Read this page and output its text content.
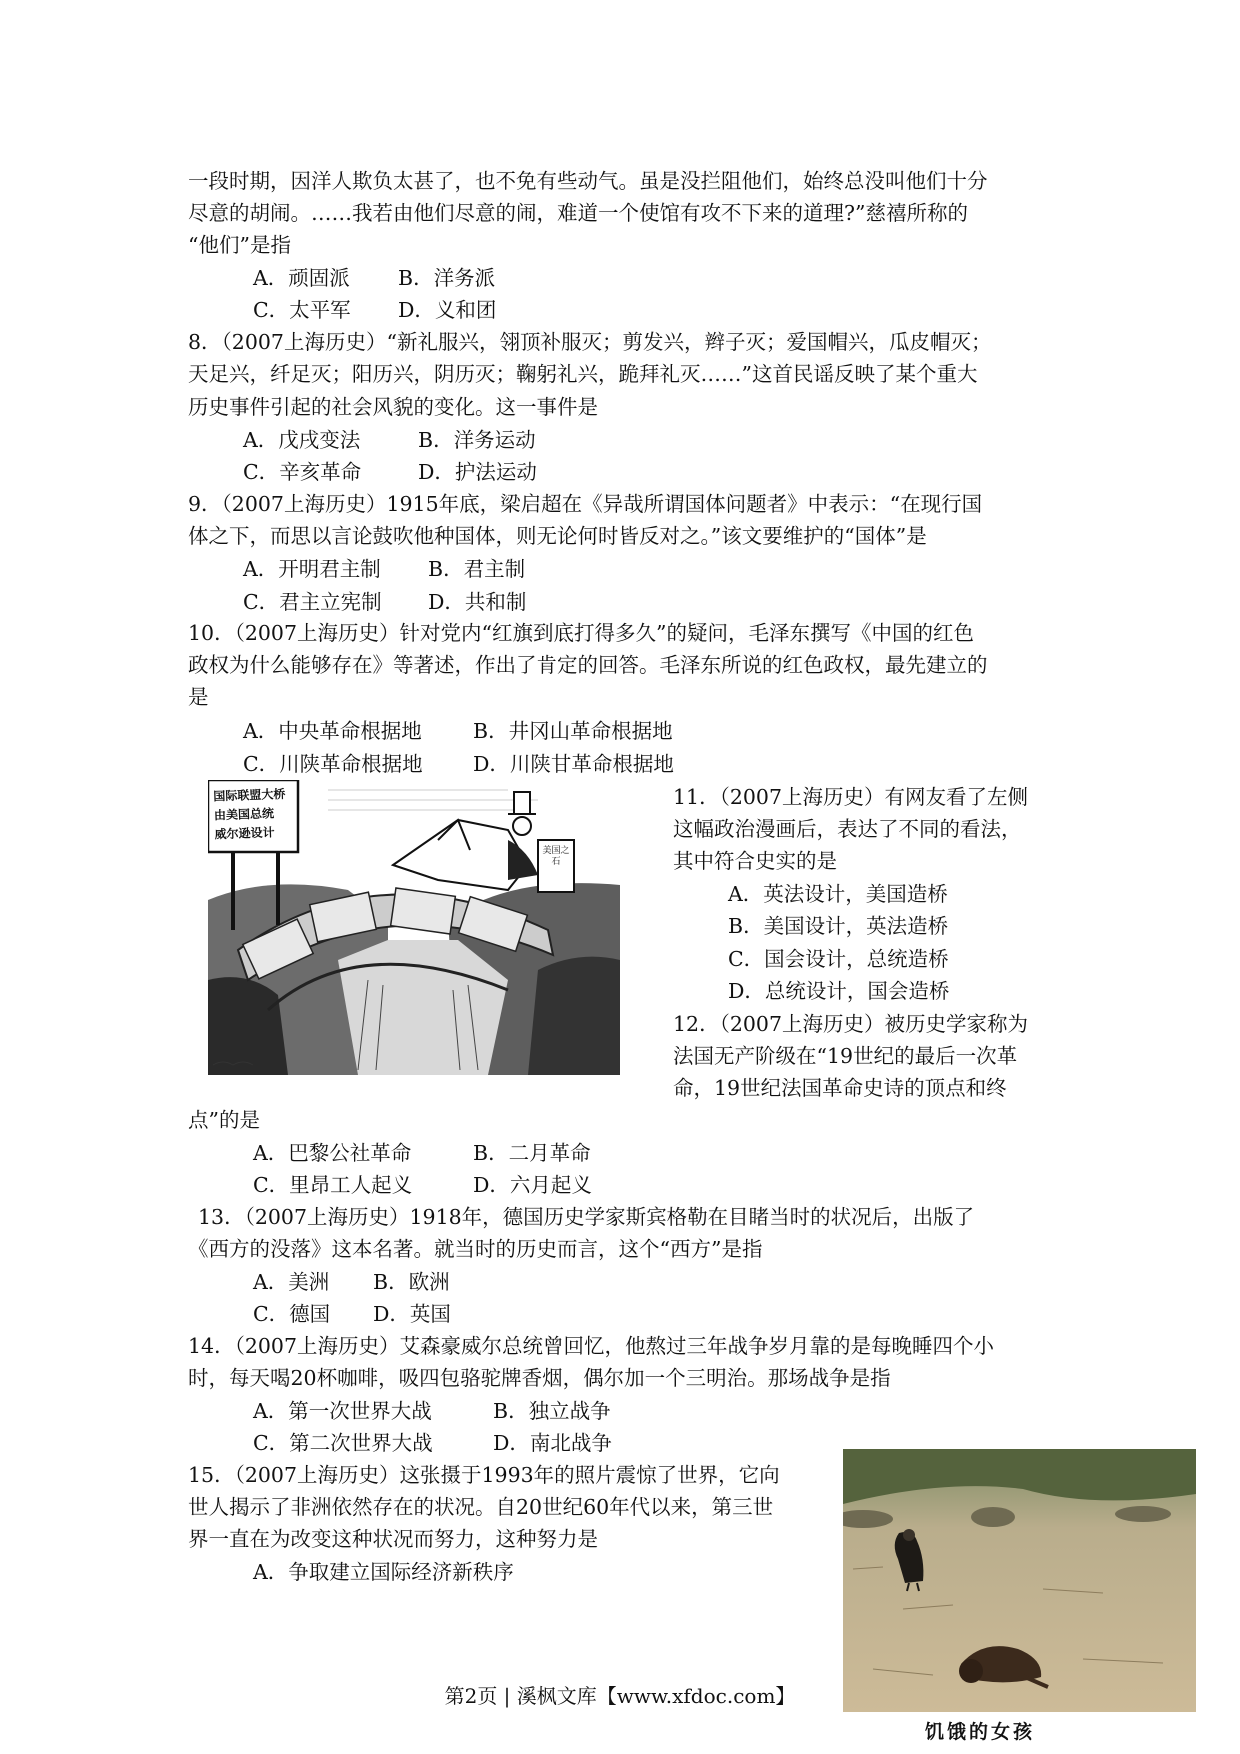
一段时期，因洋人欺负太甚了，也不免有些动气。虽是没拦阻他们，始终总没叫他们十分
尽意的胡闹。……我若由他们尽意的闹，难道一个使馆有攻不下来的道理?”慈禧所称的
“他们”是指
A．顽固派 B．洋务派
C．太平军 D．义和团
8．（2007上海历史）“新礼服兴，翎顶补服灭；剪发兴，辫子灭；爱国帽兴，瓜皮帽灭；
天足兴，纤足灭；阳历兴，阴历灭；鞠躬礼兴，跪拜礼灭……”这首民谣反映了某个重大
历史事件引起的社会风貌的变化。这一事件是
A．戊戌变法	B．洋务运动
C．辛亥革命	D．护法运动
9．（2007上海历史）1915年底，梁启超在《异哉所谓国体问题者》中表示：“在现行国
体之下，而思以言论鼓吹他种国体，则无论何时皆反对之。”该文要维护的“国体”是
A．开明君主制 B．君主制
C．君主立宪制 D．共和制
10．（2007上海历史）针对党内“红旗到底打得多久”的疑问，毛泽东撰写《中国的红色
政权为什么能够存在》等著述，作出了肯定的回答。毛泽东所说的红色政权，最先建立的
是
A．中央革命根据地 B．井冈山革命根据地
C．川陕革命根据地 D．川陕甘革命根据地
国际联盟大桥
由美国总统
威尔逊设计
美国之石
11．（2007上海历史）有网友看了左侧
这幅政治漫画后，表达了不同的看法，
其中符合史实的是
A．英法设计，美国造桥
B．美国设计，英法造桥
C．国会设计，总统造桥
D．总统设计，国会造桥
12．（2007上海历史）被历史学家称为
法国无产阶级在“19世纪的最后一次革
命，19世纪法国革命史诗的顶点和终
点”的是
A．巴黎公社革命	B．二月革命
C．里昂工人起义	D．六月起义
13．（2007上海历史）1918年，德国历史学家斯宾格勒在目睹当时的状况后，出版了
《西方的没落》这本名著。就当时的历史而言，这个“西方”是指
A．美洲 B．欧洲
C．德国 D．英国
14．（2007上海历史）艾森豪威尔总统曾回忆，他熬过三年战争岁月靠的是每晚睡四个小
时，每天喝20杯咖啡，吸四包骆驼牌香烟，偶尔加一个三明治。那场战争是指
A．第一次世界大战	B．独立战争
C．第二次世界大战	D．南北战争
15．（2007上海历史）这张摄于1993年的照片震惊了世界，它向
世人揭示了非洲依然存在的状况。自20世纪60年代以来，第三世
界一直在为改变这种状况而努力，这种努力是
A．争取建立国际经济新秩序
饥饿的女孩
第2页 | 溪枫文库【www.xfdoc.com】
